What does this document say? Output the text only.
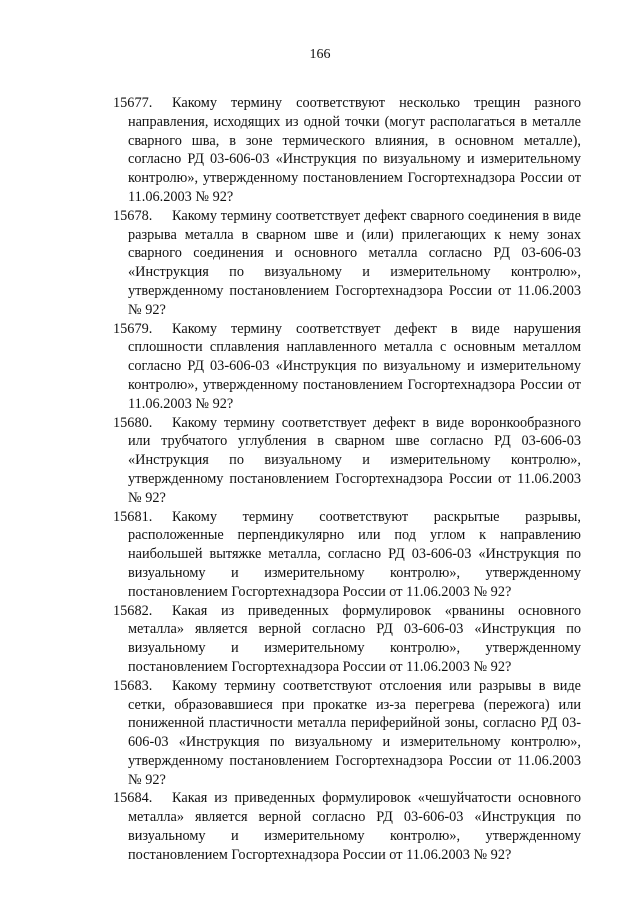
166

15677. Какому термину соответствуют несколько трещин разного направления, исходящих из одной точки (могут располагаться в металле сварного шва, в зоне термического влияния, в основном металле), согласно РД 03-606-03 «Инструкция по визуальному и измерительному контролю», утвержденному постановлением Госгортехнадзора России от 11.06.2003 № 92?

15678. Какому термину соответствует дефект сварного соединения в виде разрыва металла в сварном шве и (или) прилегающих к нему зонах сварного соединения и основного металла согласно РД 03-606-03 «Инструкция по визуальному и измерительному контролю», утвержденному постановлением Госгортехнадзора России от 11.06.2003 № 92?

15679. Какому термину соответствует дефект в виде нарушения сплошности сплавления наплавленного металла с основным металлом согласно РД 03-606-03 «Инструкция по визуальному и измерительному контролю», утвержденному постановлением Госгортехнадзора России от 11.06.2003 № 92?

15680. Какому термину соответствует дефект в виде воронкообразного или трубчатого углубления в сварном шве согласно РД 03-606-03 «Инструкция по визуальному и измерительному контролю», утвержденному постановлением Госгортехнадзора России от 11.06.2003 № 92?

15681. Какому термину соответствуют раскрытые разрывы, расположенные перпендикулярно или под углом к направлению наибольшей вытяжке металла, согласно РД 03-606-03 «Инструкция по визуальному и измерительному контролю», утвержденному постановлением Госгортехнадзора России от 11.06.2003 № 92?

15682. Какая из приведенных формулировок «рванины основного металла» является верной согласно РД 03-606-03 «Инструкция по визуальному и измерительному контролю», утвержденному постановлением Госгортехнадзора России от 11.06.2003 № 92?

15683. Какому термину соответствуют отслоения или разрывы в виде сетки, образовавшиеся при прокатке из-за перегрева (пережога) или пониженной пластичности металла периферийной зоны, согласно РД 03-606-03 «Инструкция по визуальному и измерительному контролю», утвержденному постановлением Госгортехнадзора России от 11.06.2003 № 92?

15684. Какая из приведенных формулировок «чешуйчатости основного металла» является верной согласно РД 03-606-03 «Инструкция по визуальному и измерительному контролю», утвержденному постановлением Госгортехнадзора России от 11.06.2003 № 92?
